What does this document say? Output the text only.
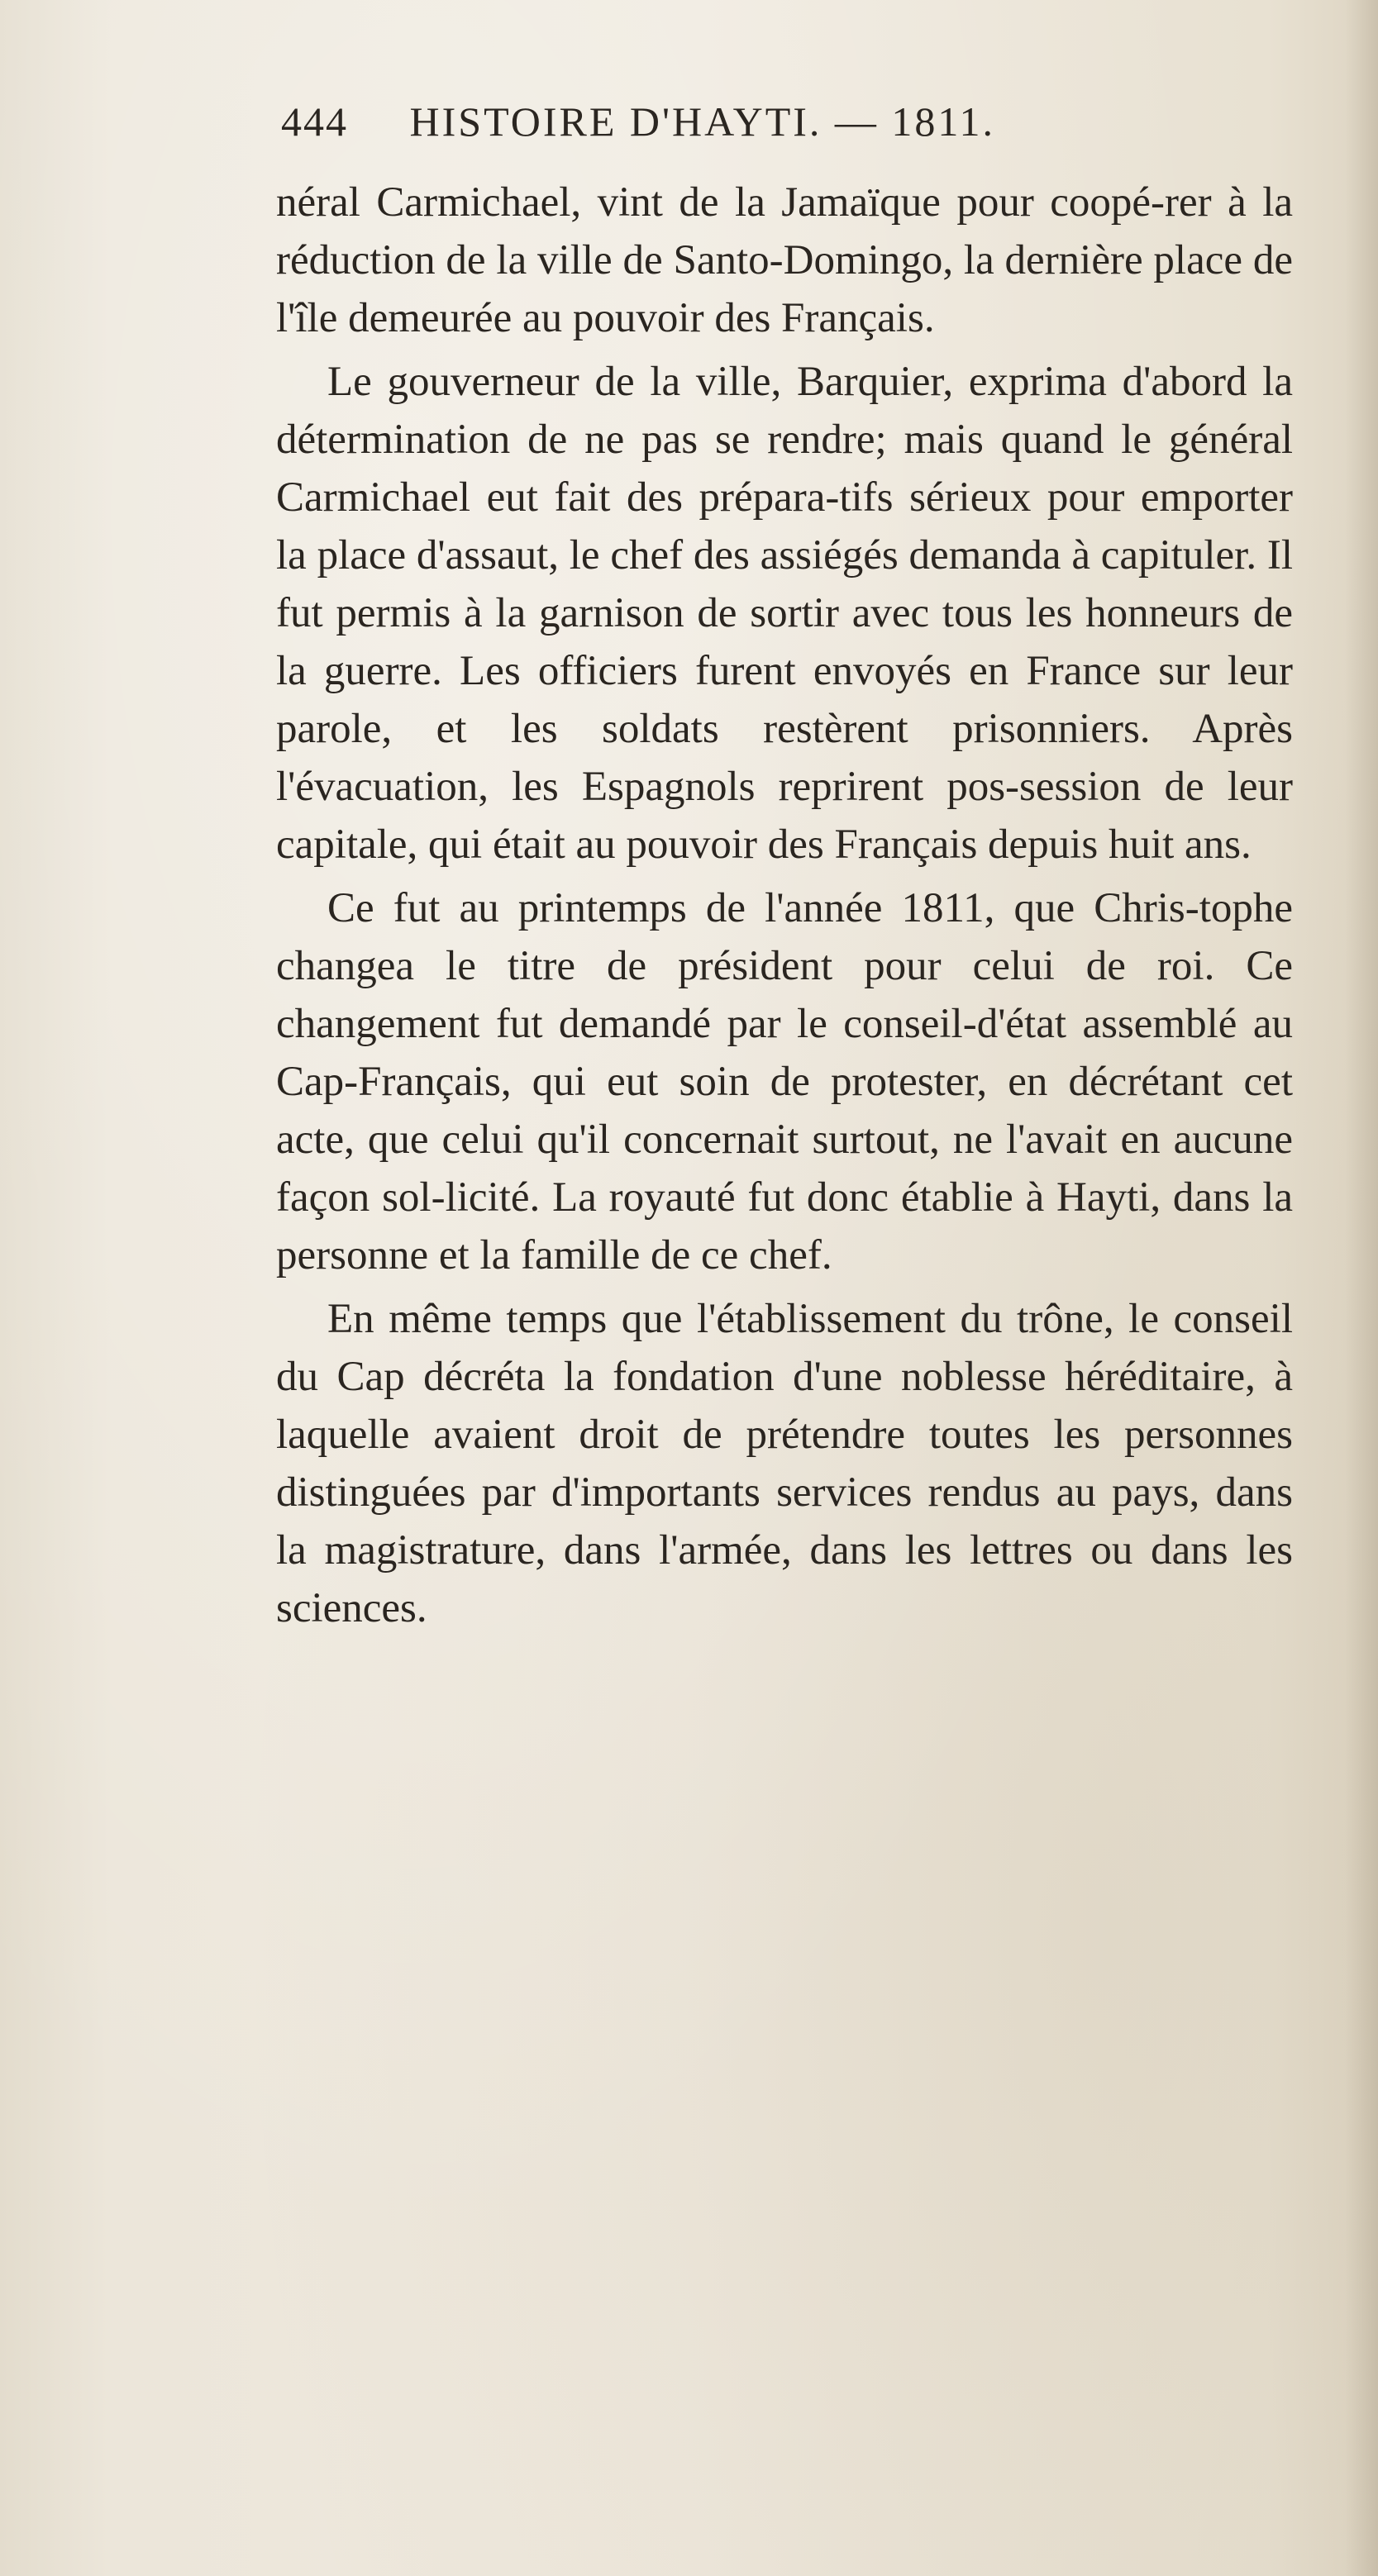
444 HISTOIRE D'HAYTI. — 1811.

néral Carmichael, vint de la Jamaïque pour coopé-rer à la réduction de la ville de Santo-Domingo, la dernière place de l'île demeurée au pouvoir des Français.

Le gouverneur de la ville, Barquier, exprima d'abord la détermination de ne pas se rendre; mais quand le général Carmichael eut fait des prépara-tifs sérieux pour emporter la place d'assaut, le chef des assiégés demanda à capituler. Il fut permis à la garnison de sortir avec tous les honneurs de la guerre. Les officiers furent envoyés en France sur leur parole, et les soldats restèrent prisonniers. Après l'évacuation, les Espagnols reprirent pos-session de leur capitale, qui était au pouvoir des Français depuis huit ans.

Ce fut au printemps de l'année 1811, que Chris-tophe changea le titre de président pour celui de roi. Ce changement fut demandé par le conseil-d'état assemblé au Cap-Français, qui eut soin de protester, en décrétant cet acte, que celui qu'il concernait surtout, ne l'avait en aucune façon sol-licité. La royauté fut donc établie à Hayti, dans la personne et la famille de ce chef.

En même temps que l'établissement du trône, le conseil du Cap décréta la fondation d'une noblesse héréditaire, à laquelle avaient droit de prétendre toutes les personnes distinguées par d'importants services rendus au pays, dans la magistrature, dans l'armée, dans les lettres ou dans les sciences.
